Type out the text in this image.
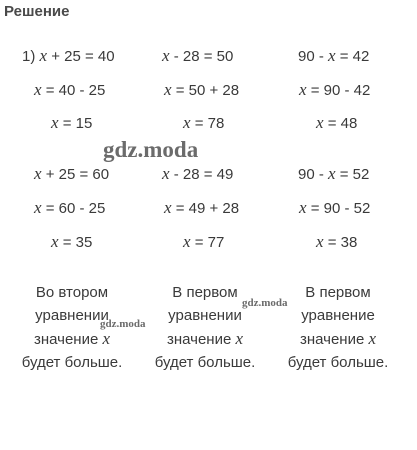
Решение
1) x + 25 = 40	x - 28 = 50	90 - x = 42
x = 40 - 25	x = 50 + 28	x = 90 - 42
x = 15	x = 78	x = 48
x + 25 = 60	x - 28 = 49	90 - x = 52
x = 60 - 25	x = 49 + 28	x = 90 - 52
x = 35	x = 77	x = 38
Во втором
уравнении
значение x
будет больше.
В первом
уравнении
значение x
будет больше.
В первом
уравнение
значение x
будет больше.
gdz.moda
gdz.moda
gdz.moda
